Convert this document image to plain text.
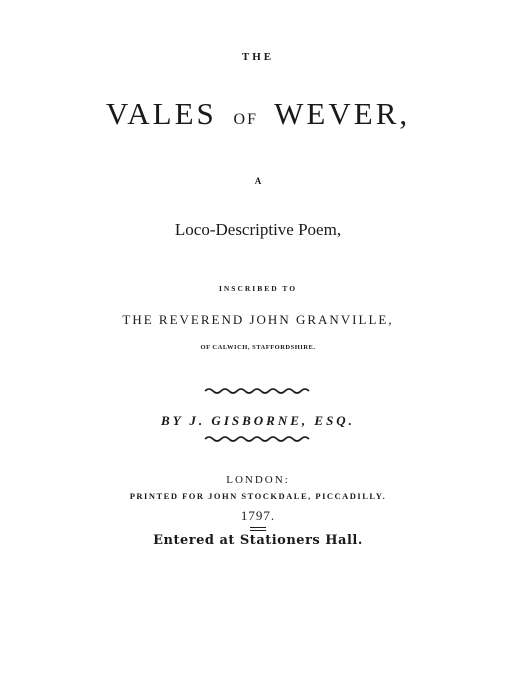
THE
VALES OF WEVER,
A
Loco-Descriptive Poem,
INSCRIBED TO
THE REVEREND JOHN GRANVILLE,
OF CALWICH, STAFFORDSHIRE.
BY J. GISBORNE, ESQ.
LONDON:
PRINTED FOR JOHN STOCKDALE, PICCADILLY.
1797.
Entered at Stationers Hall.
